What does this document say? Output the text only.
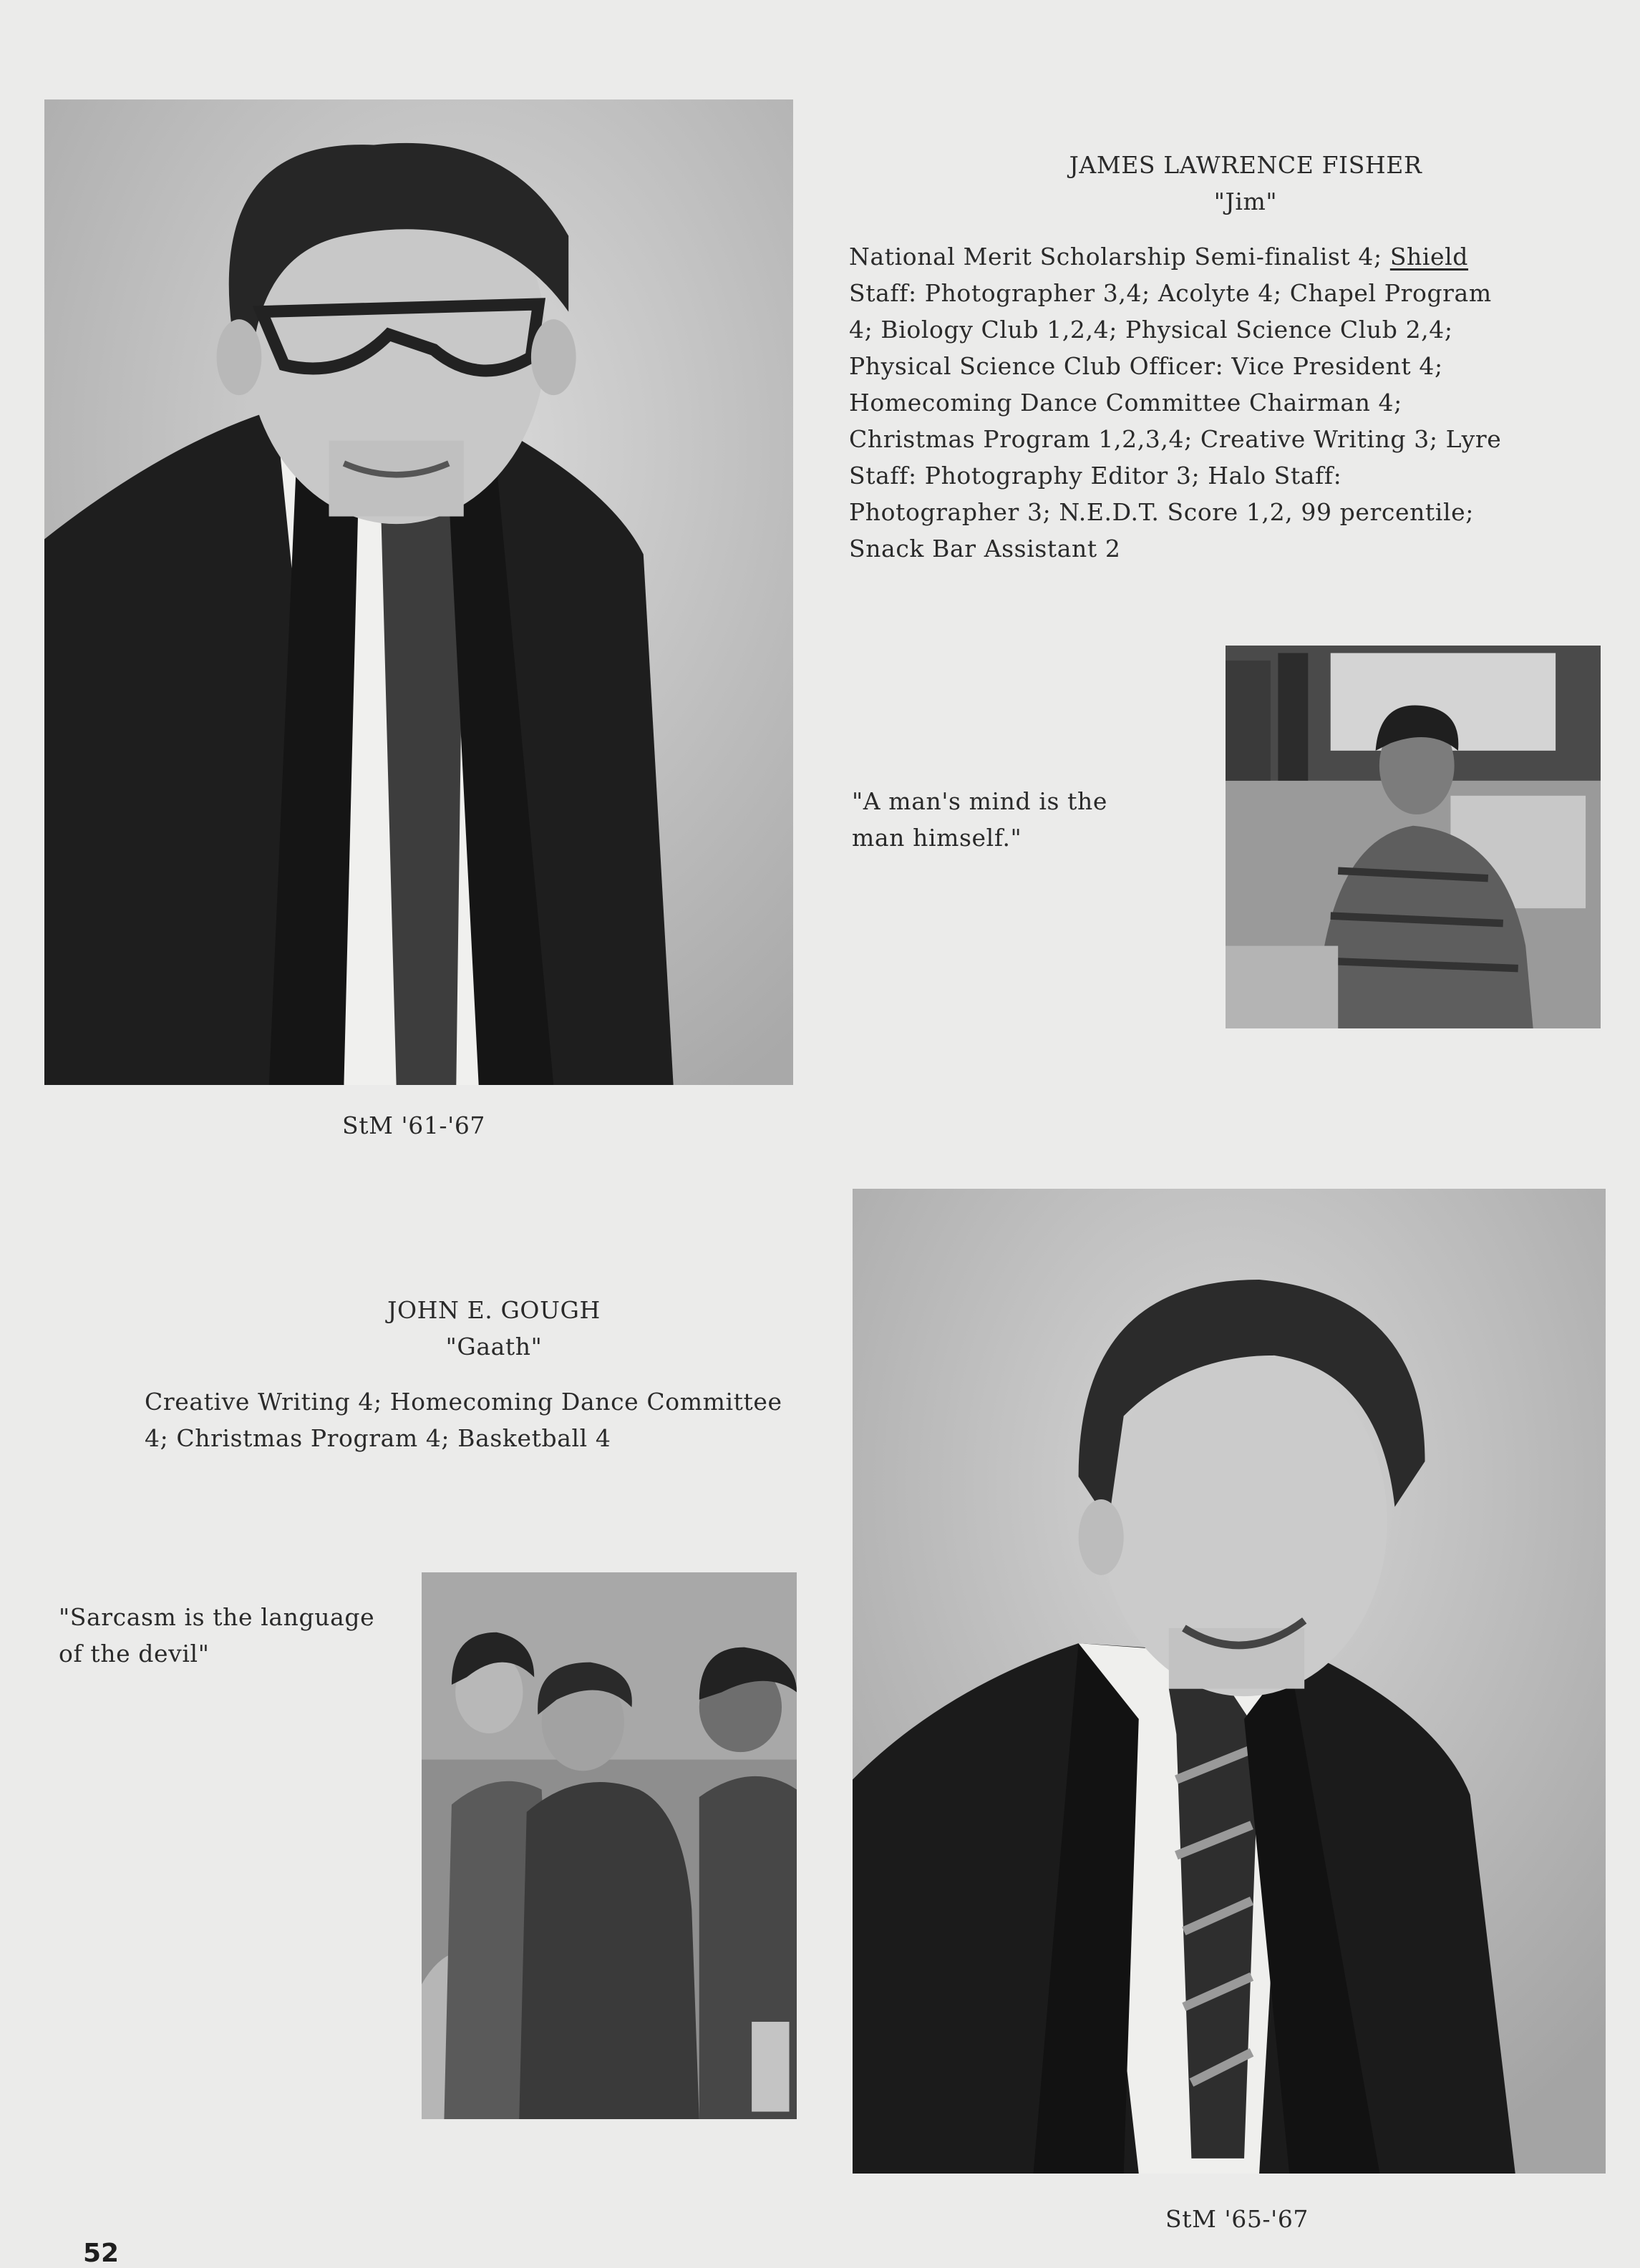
JAMES LAWRENCE FISHER
"Jim"
National Merit Scholarship Semi-finalist 4; Shield Staff: Photographer 3,4; Acolyte 4; Chapel Program 4; Biology Club 1,2,4; Physical Science Club 2,4; Physical Science Club Officer: Vice President 4; Homecoming Dance Committee Chairman 4; Christmas Program 1,2,3,4; Creative Writing 3; Lyre Staff: Photography Editor 3; Halo Staff: Photographer 3; N.E.D.T. Score 1,2, 99 percentile; Snack Bar Assistant 2
"A man's mind is the man himself."
StM '61-'67
JOHN E. GOUGH
"Gaath"
Creative Writing 4; Homecoming Dance Committee 4; Christmas Program 4; Basketball 4
"Sarcasm is the language of the devil"
StM '65-'67
52
